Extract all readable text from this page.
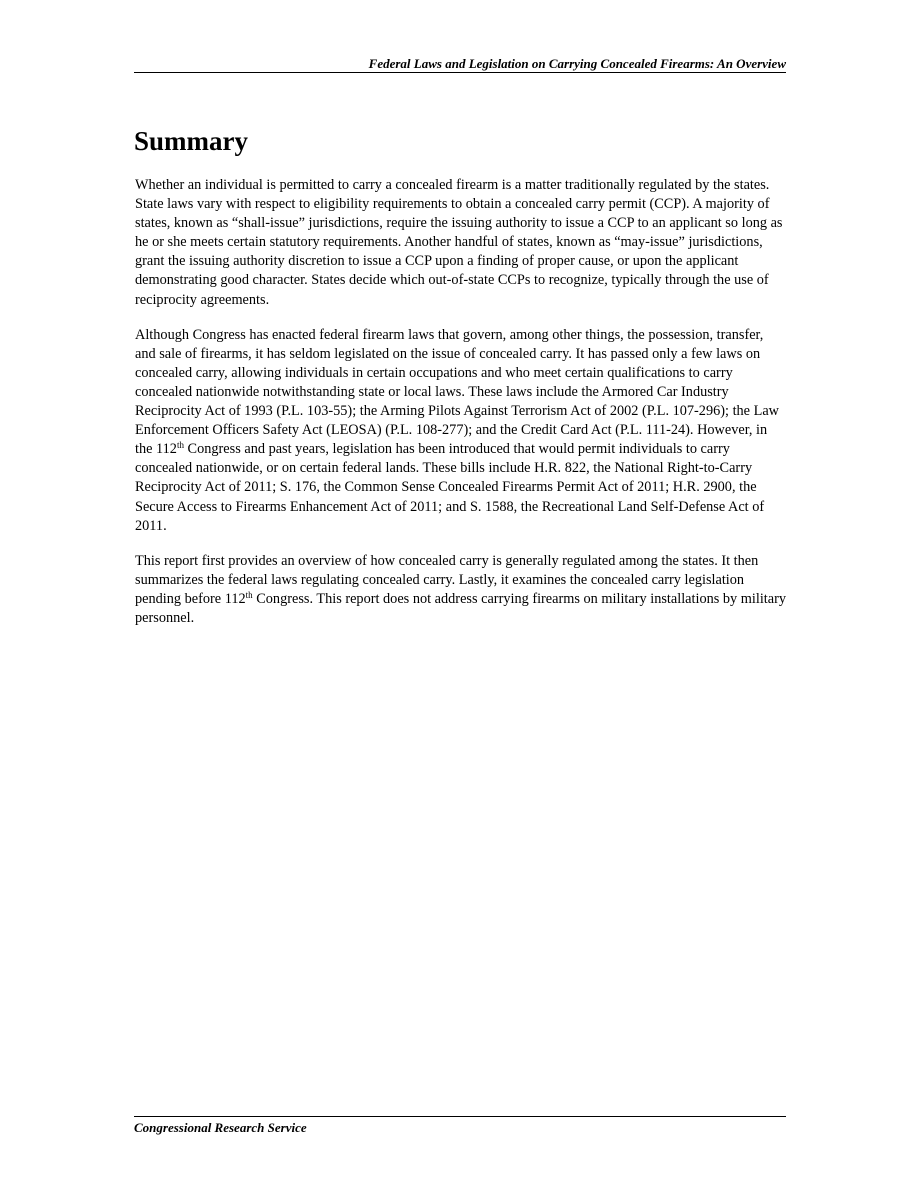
Federal Laws and Legislation on Carrying Concealed Firearms: An Overview
Summary

Whether an individual is permitted to carry a concealed firearm is a matter traditionally regulated by the states. State laws vary with respect to eligibility requirements to obtain a concealed carry permit (CCP). A majority of states, known as “shall-issue” jurisdictions, require the issuing authority to issue a CCP to an applicant so long as he or she meets certain statutory requirements. Another handful of states, known as “may-issue” jurisdictions, grant the issuing authority discretion to issue a CCP upon a finding of proper cause, or upon the applicant demonstrating good character. States decide which out-of-state CCPs to recognize, typically through the use of reciprocity agreements.

Although Congress has enacted federal firearm laws that govern, among other things, the possession, transfer, and sale of firearms, it has seldom legislated on the issue of concealed carry. It has passed only a few laws on concealed carry, allowing individuals in certain occupations and who meet certain qualifications to carry concealed nationwide notwithstanding state or local laws. These laws include the Armored Car Industry Reciprocity Act of 1993 (P.L. 103-55); the Arming Pilots Against Terrorism Act of 2002 (P.L. 107-296); the Law Enforcement Officers Safety Act (LEOSA) (P.L. 108-277); and the Credit Card Act (P.L. 111-24). However, in the 112th Congress and past years, legislation has been introduced that would permit individuals to carry concealed nationwide, or on certain federal lands. These bills include H.R. 822, the National Right-to-Carry Reciprocity Act of 2011; S. 176, the Common Sense Concealed Firearms Permit Act of 2011; H.R. 2900, the Secure Access to Firearms Enhancement Act of 2011; and S. 1588, the Recreational Land Self-Defense Act of 2011.

This report first provides an overview of how concealed carry is generally regulated among the states. It then summarizes the federal laws regulating concealed carry. Lastly, it examines the concealed carry legislation pending before 112th Congress. This report does not address carrying firearms on military installations by military personnel.

Congressional Research Service
